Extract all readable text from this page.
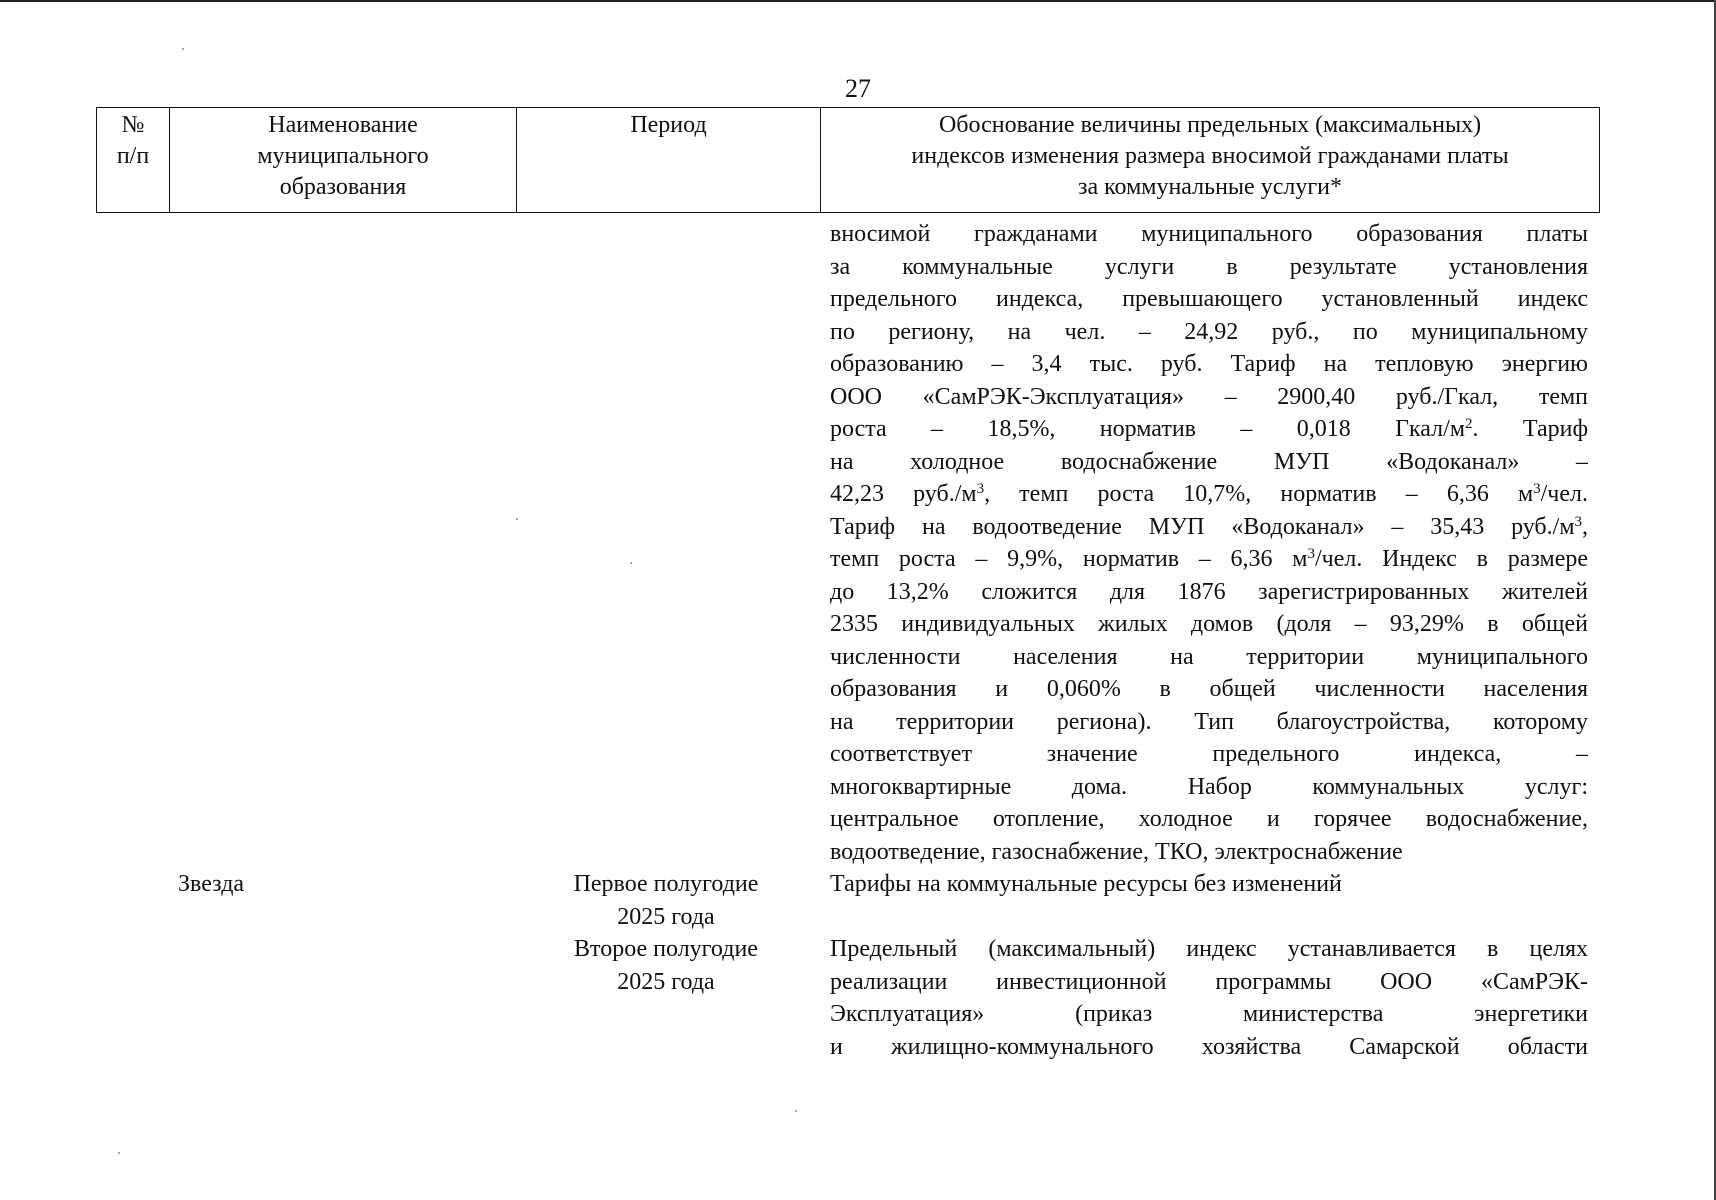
27
№
п/п
Наименование
муниципального
образования
Период	Обоснование величины предельных (максимальных)
индексов изменения размера вносимой гражданами платы
за коммунальные услуги*
вносимой гражданами муниципального образования платы
за коммунальные услуги в результате установления
предельного индекса, превышающего установленный индекс
по региону, на чел. – 24,92 руб., по муниципальному
образованию – 3,4 тыс. руб. Тариф на тепловую энергию
ООО «СамРЭК-Эксплуатация» – 2900,40 руб./Гкал, темп
роста – 18,5%, норматив – 0,018 Гкал/$м^2$. Тариф
на холодное водоснабжение МУП «Водоканал» –
42,23 $руб./м^3$, темп роста 10,7%, норматив – 6,36 $м^3$/чел.
Тариф на водоотведение МУП «Водоканал» – 35,43 $руб./м^3$,
темп роста – 9,9%, норматив – 6,36 $м^3$/чел. Индекс в размере
до 13,2% сложится для 1876 зарегистрированных жителей
2335 индивидуальных жилых домов (доля – 93,29% в общей
численности населения на территории муниципального
образования и 0,060% в общей численности населения
на территории региона). Тип благоустройства, которому
соответствует значение предельного индекса, –
многоквартирные дома. Набор коммунальных услуг:
центральное отопление, холодное и горячее водоснабжение,
водоотведение, газоснабжение, ТКО, электроснабжение
Звезда	Первое полугодие
2025 года
Тарифы на коммунальные ресурсы без изменений
Второе полугодие
2025 года
Предельный (максимальный) индекс устанавливается в целях
реализации инвестиционной программы ООО «СамРЭК-
Эксплуатация» (приказ министерства энергетики
и жилищно-коммунального хозяйства Самарской области
